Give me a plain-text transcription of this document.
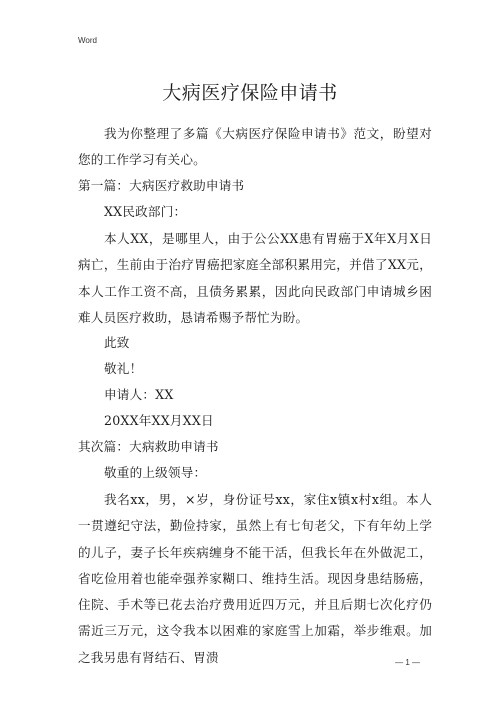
Word
大病医疗保险申请书

我为你整理了多篇《大病医疗保险申请书》范文，盼望对您的工作学习有关心。

第一篇：大病医疗救助申请书

XX民政部门：

本人XX，是哪里人，由于公公XX患有胃癌于X年X月X日病亡，生前由于治疗胃癌把家庭全部积累用完，并借了XX元，本人工作工资不高，且债务累累，因此向民政部门申请城乡困难人员医疗救助，恳请希赐予帮忙为盼。

此致

敬礼！

申请人：XX

20XX年XX月XX日

其次篇：大病救助申请书

敬重的上级领导：

我名xx，男，×岁，身份证号xx，家住x镇x村x组。本人一贯遵纪守法，勤俭持家，虽然上有七旬老父，下有年幼上学的儿子，妻子长年疾病缠身不能干活，但我长年在外做泥工，省吃俭用着也能牵强养家糊口、维持生活。现因身患结肠癌，住院、手术等已花去治疗费用近四万元，并且后期七次化疗仍需近三万元，这令我本以困难的家庭雪上加霜，举步维艰。加之我另患有肾结石、胃溃	— 1 —
